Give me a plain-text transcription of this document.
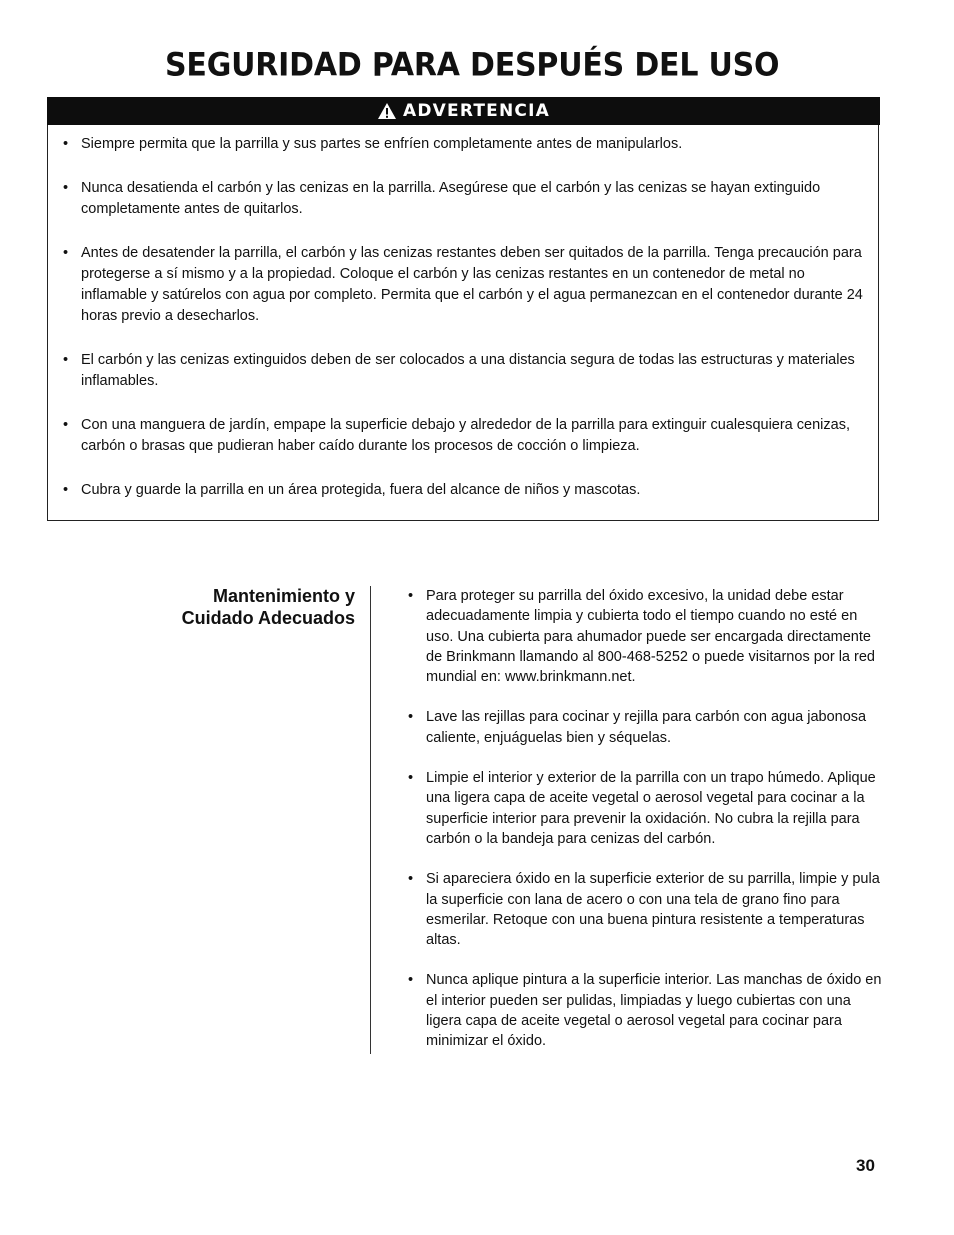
SEGURIDAD PARA DESPUÉS DEL USO
ADVERTENCIA
• Siempre permita que la parrilla y sus partes se enfríen completamente antes de manipularlos.
• Nunca desatienda el carbón y las cenizas en la parrilla. Asegúrese que el carbón y las cenizas se hayan extinguido completamente antes de quitarlos.
• Antes de desatender la parrilla, el carbón y las cenizas restantes deben ser quitados de la parrilla. Tenga precaución para protegerse a sí mismo y a la propiedad. Coloque el carbón y las cenizas restantes en un contenedor de metal no inflamable y satúrelos con agua por completo. Permita que el carbón y el agua permanezcan en el contenedor durante 24 horas previo a desecharlos.
• El carbón y las cenizas extinguidos deben de ser colocados a una distancia segura de todas las estructuras y materiales inflamables.
• Con una manguera de jardín, empape la superficie debajo y alrededor de la parrilla para extinguir cualesquiera cenizas, carbón o brasas que pudieran haber caído durante los procesos de cocción o limpieza.
• Cubra y guarde la parrilla en un área protegida, fuera del alcance de niños y mascotas.
Mantenimiento y
Cuidado Adecuados
• Para proteger su parrilla del óxido excesivo, la unidad debe estar adecuadamente limpia y cubierta todo el tiempo cuando no esté en uso. Una cubierta para ahumador puede ser encargada directamente de Brinkmann llamando al 800-468-5252 o puede visitarnos por la red mundial en: www.brinkmann.net.
• Lave las rejillas para cocinar y rejilla para carbón con agua jabonosa caliente, enjuáguelas bien y séquelas.
• Limpie el interior y exterior de la parrilla con un trapo húmedo. Aplique una ligera capa de aceite vegetal o aerosol vegetal para cocinar a la superficie interior para prevenir la oxidación. No cubra la rejilla para carbón o la bandeja para cenizas del carbón.
• Si apareciera óxido en la superficie exterior de su parrilla, limpie y pula la superficie con lana de acero o con una tela de grano fino para esmerilar. Retoque con una buena pintura resistente a temperaturas altas.
• Nunca aplique pintura a la superficie interior. Las manchas de óxido en el interior pueden ser pulidas, limpiadas y luego cubiertas con una ligera capa de aceite vegetal o aerosol vegetal para cocinar para minimizar el óxido.
30
